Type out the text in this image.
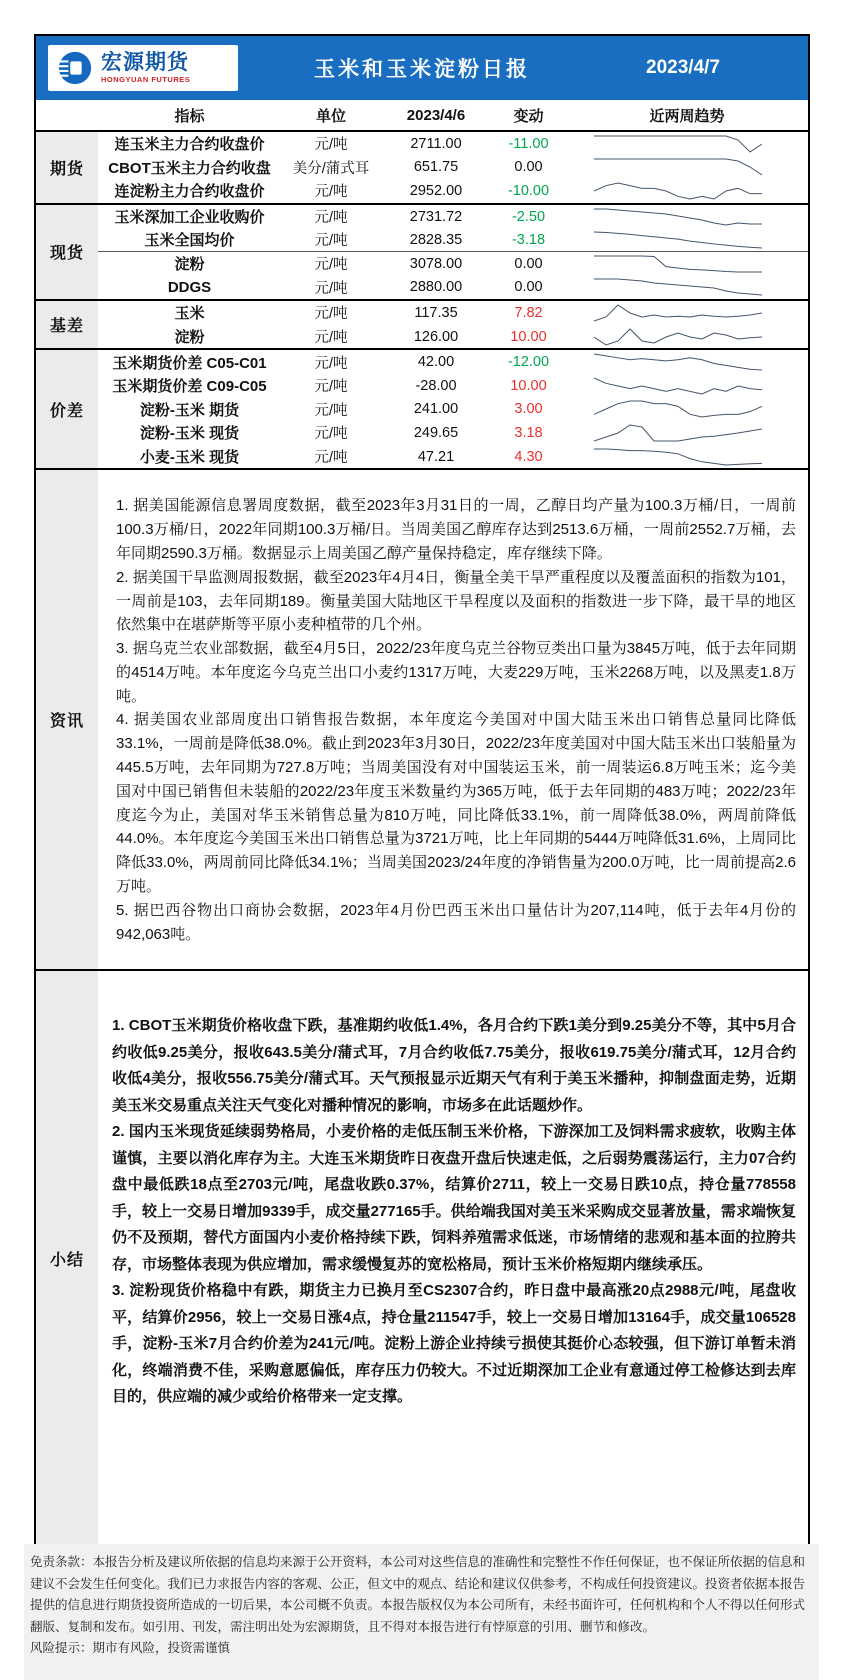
宏源期货
HONGYUAN FUTURES	玉米和玉米淀粉日报	2023/4/7
指标	单位	2023/4/6	变动	近两周趋势
期货
连玉米主力合约收盘价	元/吨	2711.00	-11.00
CBOT玉米主力合约收盘	美分/蒲式耳	651.75	0.00
连淀粉主力合约收盘价	元/吨	2952.00	-10.00
现货
玉米深加工企业收购价	元/吨	2731.72	-2.50
玉米全国均价	元/吨	2828.35	-3.18
淀粉	元/吨	3078.00	0.00
DDGS	元/吨	2880.00	0.00
基差
玉米	元/吨	117.35	7.82
淀粉	元/吨	126.00	10.00
价差
玉米期货价差 C05-C01	元/吨	42.00	-12.00
玉米期货价差 C09-C05	元/吨	-28.00	10.00
淀粉-玉米 期货	元/吨	241.00	3.00
淀粉-玉米 现货	元/吨	249.65	3.18
小麦-玉米 现货	元/吨	47.21	4.30
资讯

1. 据美国能源信息署周度数据，截至2023年3月31日的一周，乙醇日均产量为100.3万桶/日，一周前100.3万桶/日，2022年同期100.3万桶/日。当周美国乙醇库存达到2513.6万桶，一周前2552.7万桶，去年同期2590.3万桶。数据显示上周美国乙醇产量保持稳定，库存继续下降。

2. 据美国干旱监测周报数据，截至2023年4月4日，衡量全美干旱严重程度以及覆盖面积的指数为101，一周前是103，去年同期189。衡量美国大陆地区干旱程度以及面积的指数进一步下降，最干旱的地区依然集中在堪萨斯等平原小麦种植带的几个州。

3. 据乌克兰农业部数据，截至4月5日，2022/23年度乌克兰谷物豆类出口量为3845万吨，低于去年同期的4514万吨。本年度迄今乌克兰出口小麦约1317万吨，大麦229万吨，玉米2268万吨，以及黑麦1.8万吨。

4. 据美国农业部周度出口销售报告数据，本年度迄今美国对中国大陆玉米出口销售总量同比降低33.1%，一周前是降低38.0%。截止到2023年3月30日，2022/23年度美国对中国大陆玉米出口装船量为445.5万吨，去年同期为727.8万吨；当周美国没有对中国装运玉米，前一周装运6.8万吨玉米；迄今美国对中国已销售但未装船的2022/23年度玉米数量约为365万吨，低于去年同期的483万吨；2022/23年度迄今为止，美国对华玉米销售总量为810万吨，同比降低33.1%，前一周降低38.0%，两周前降低44.0%。本年度迄今美国玉米出口销售总量为3721万吨，比上年同期的5444万吨降低31.6%，上周同比降低33.0%，两周前同比降低34.1%；当周美国2023/24年度的净销售量为200.0万吨，比一周前提高2.6万吨。

5. 据巴西谷物出口商协会数据，2023年4月份巴西玉米出口量估计为207,114吨，低于去年4月份的942,063吨。

小结

1. CBOT玉米期货价格收盘下跌，基准期约收低1.4%，各月合约下跌1美分到9.25美分不等，其中5月合约收低9.25美分，报收643.5美分/蒲式耳，7月合约收低7.75美分，报收619.75美分/蒲式耳，12月合约收低4美分，报收556.75美分/蒲式耳。天气预报显示近期天气有利于美玉米播种，抑制盘面走势，近期美玉米交易重点关注天气变化对播种情况的影响，市场多在此话题炒作。

2. 国内玉米现货延续弱势格局，小麦价格的走低压制玉米价格，下游深加工及饲料需求疲软，收购主体谨慎，主要以消化库存为主。大连玉米期货昨日夜盘开盘后快速走低，之后弱势震荡运行，主力07合约盘中最低跌18点至2703元/吨，尾盘收跌0.37%，结算价2711，较上一交易日跌10点，持仓量778558手，较上一交易日增加9339手，成交量277165手。供给端我国对美玉米采购成交显著放量，需求端恢复仍不及预期，替代方面国内小麦价格持续下跌，饲料养殖需求低迷，市场情绪的悲观和基本面的拉胯共存，市场整体表现为供应增加，需求缓慢复苏的宽松格局，预计玉米价格短期内继续承压。

3. 淀粉现货价格稳中有跌，期货主力已换月至CS2307合约，昨日盘中最高涨20点2988元/吨，尾盘收平，结算价2956，较上一交易日涨4点，持仓量211547手，较上一交易日增加13164手，成交量106528手，淀粉-玉米7月合约价差为241元/吨。淀粉上游企业持续亏损使其挺价心态较强，但下游订单暂未消化，终端消费不佳，采购意愿偏低，库存压力仍较大。不过近期深加工企业有意通过停工检修达到去库目的，供应端的减少或给价格带来一定支撑。

免责条款：本报告分析及建议所依据的信息均来源于公开资料，本公司对这些信息的准确性和完整性不作任何保证，也不保证所依据的信息和建议不会发生任何变化。我们已力求报告内容的客观、公正，但文中的观点、结论和建议仅供参考，不构成任何投资建议。投资者依据本报告提供的信息进行期货投资所造成的一切后果，本公司概不负责。本报告版权仅为本公司所有，未经书面许可，任何机构和个人不得以任何形式翻版、复制和发布。如引用、刊发，需注明出处为宏源期货，且不得对本报告进行有悖原意的引用、删节和修改。
风险提示：期市有风险，投资需谨慎
